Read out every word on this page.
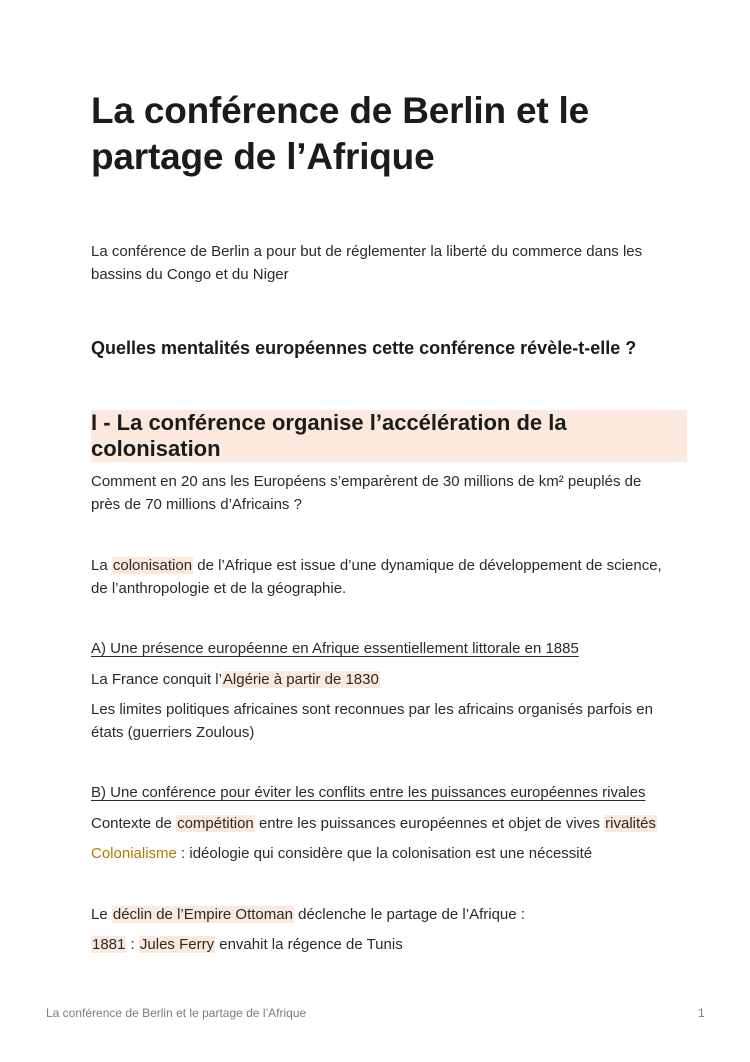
La conférence de Berlin et le partage de l’Afrique

La conférence de Berlin a pour but de réglementer la liberté du commerce dans les bassins du Congo et du Niger

Quelles mentalités européennes cette conférence révèle-t-elle ?
I - La conférence organise l’accélération de la colonisation

Comment en 20 ans les Européens s’emparèrent de 30 millions de km² peuplés de près de 70 millions d’Africains ?

La colonisation de l’Afrique est issue d’une dynamique de développement de science, de l’anthropologie et de la géographie.

A) Une présence européenne en Afrique essentiellement littorale en 1885

La France conquit l’Algérie à partir de 1830

Les limites politiques africaines sont reconnues par les africains organisés parfois en états (guerriers Zoulous)

B) Une conférence pour éviter les conflits entre les puissances européennes rivales

Contexte de compétition entre les puissances européennes et objet de vives rivalités

Colonialisme : idéologie qui considère que la colonisation est une nécessité

Le déclin de l’Empire Ottoman déclenche le partage de l’Afrique :

1881 : Jules Ferry envahit la régence de Tunis

La conférence de Berlin et le partage de l’Afrique	1
